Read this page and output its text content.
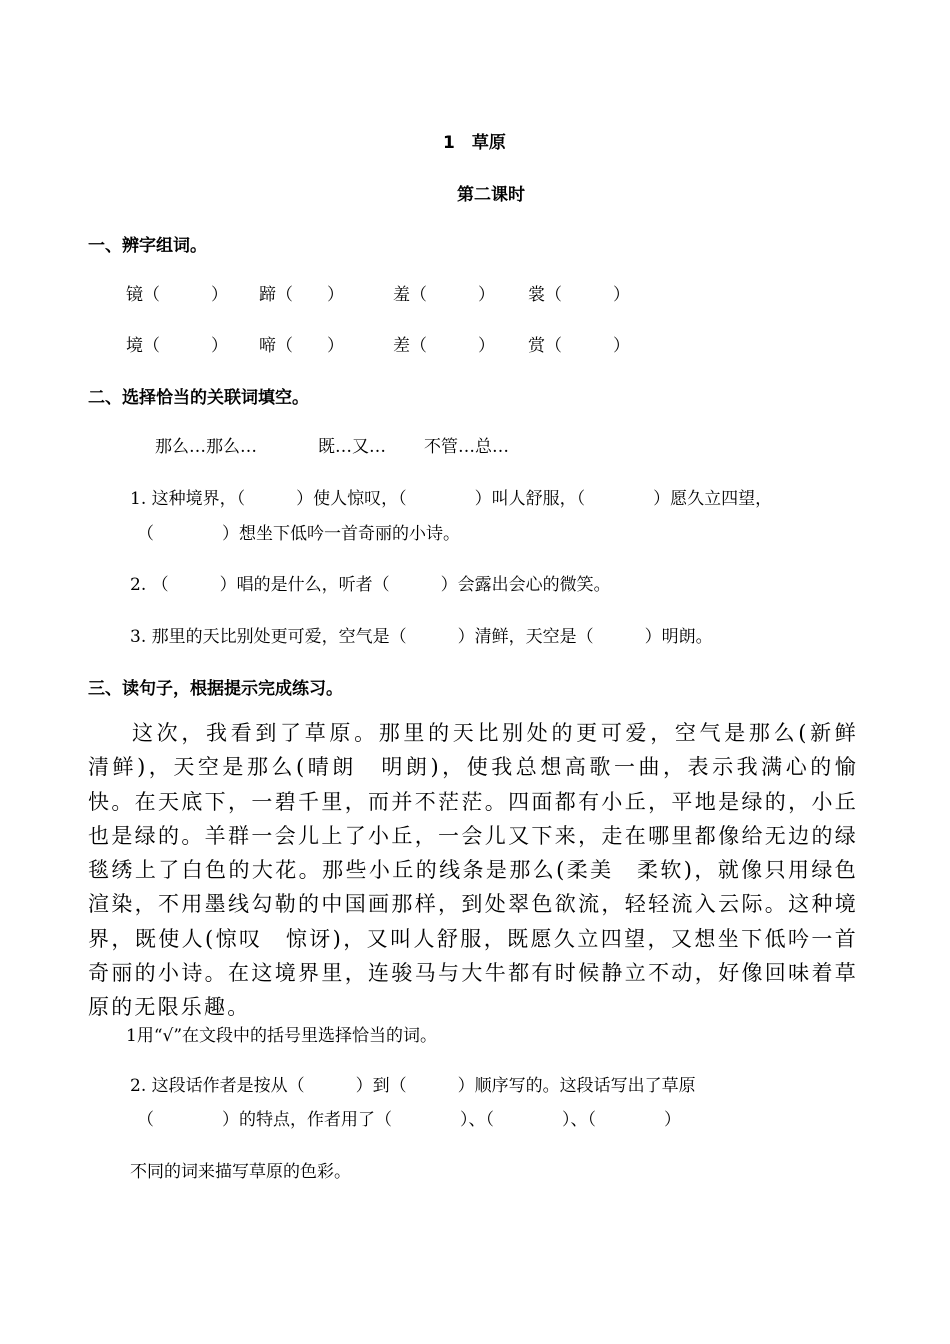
1　草原
第二课时
一、辨字组词。
镜（　　　） 蹄（　　）	羞（　　　） 裳（　　　）
境（　　　） 啼（　　）	差（　　　） 赏（　　　）
二、选择恰当的关联词填空。
那么…那么…	既…又… 不管…总…
1. 这种境界，（　　　）使人惊叹，（　　　　）叫人舒服，（　　　　）愿久立四望，
（　　　　）想坐下低吟一首奇丽的小诗。
2. （　　　）唱的是什么，听者（　　　）会露出会心的微笑。
3. 那里的天比别处更可爱，空气是（　　　）清鲜，天空是（　　　）明朗。
三、读句子，根据提示完成练习。

这次，我看到了草原。那里的天比别处的更可爱，空气是那么(新鲜　清鲜)，天空是那么(晴朗　明朗)，使我总想高歌一曲，表示我满心的愉快。在天底下，一碧千里，而并不茫茫。四面都有小丘，平地是绿的，小丘也是绿的。羊群一会儿上了小丘，一会儿又下来，走在哪里都像给无边的绿毯绣上了白色的大花。那些小丘的线条是那么(柔美　柔软)，就像只用绿色渲染，不用墨线勾勒的中国画那样，到处翠色欲流，轻轻流入云际。这种境界，既使人(惊叹　惊讶)，又叫人舒服，既愿久立四望，又想坐下低吟一首奇丽的小诗。在这境界里，连骏马与大牛都有时候静立不动，好像回味着草原的无限乐趣。

1用“√”在文段中的括号里选择恰当的词。
2. 这段话作者是按从（　　　）到（　　　）顺序写的。这段话写出了草原
（　　　　）的特点，作者用了（　　　　）、（　　　　）、（　　　　）
不同的词来描写草原的色彩。
